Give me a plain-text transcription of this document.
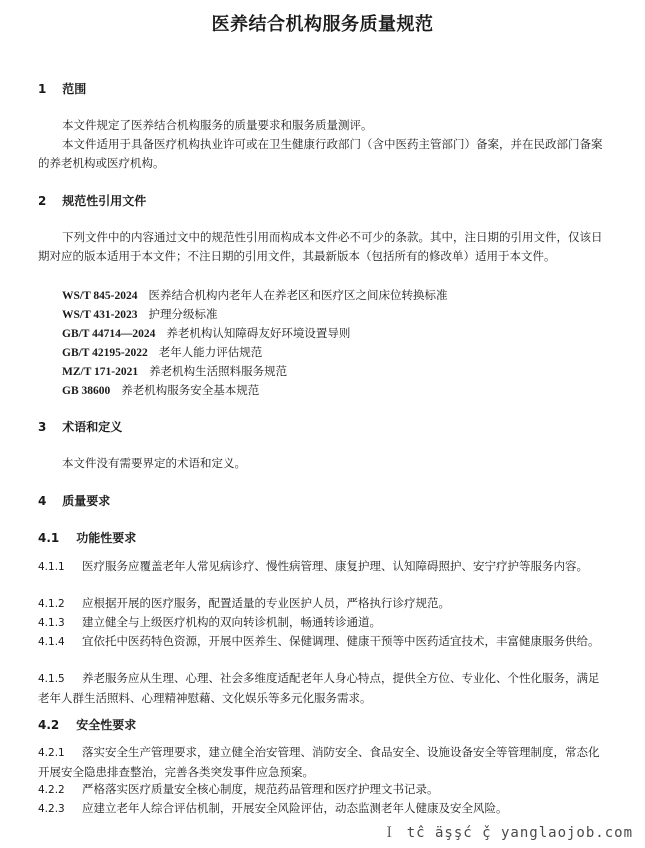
医养结合机构服务质量规范
1 范围
本文件规定了医养结合机构服务的质量要求和服务质量测评。
本文件适用于具备医疗机构执业许可或在卫生健康行政部门（含中医药主管部门）备案，并在民政部门备案的养老机构或医疗机构。
2 规范性引用文件
下列文件中的内容通过文中的规范性引用而构成本文件必不可少的条款。其中，注日期的引用文件，仅该日期对应的版本适用于本文件；不注日期的引用文件，其最新版本（包括所有的修改单）适用于本文件。
WS/T 845-2024 医养结合机构内老年人在养老区和医疗区之间床位转换标准
WS/T 431-2023 护理分级标准
GB/T 44714—2024 养老机构认知障碍友好环境设置导则
GB/T 42195-2022 老年人能力评估规范
MZ/T 171-2021 养老机构生活照料服务规范
GB 38600 养老机构服务安全基本规范
3 术语和定义
本文件没有需要界定的术语和定义。
4 质量要求
4.1 功能性要求
4.1.1 医疗服务应覆盖老年人常见病诊疗、慢性病管理、康复护理、认知障碍照护、安宁疗护等服务内容。
4.1.2 应根据开展的医疗服务，配置适量的专业医护人员，严格执行诊疗规范。
4.1.3 建立健全与上级医疗机构的双向转诊机制，畅通转诊通道。
4.1.4 宜依托中医药特色资源，开展中医养生、保健调理、健康干预等中医药适宜技术，丰富健康服务供给。
4.1.5 养老服务应从生理、心理、社会多维度适配老年人身心特点，提供全方位、专业化、个性化服务，满足老年人群生活照料、心理精神慰藉、文化娱乐等多元化服务需求。
4.2 安全性要求
4.2.1 落实安全生产管理要求，建立健全治安管理、消防安全、食品安全、设施设备安全等管理制度，常态化开展安全隐患排查整治，完善各类突发事件应急预案。
4.2.2 严格落实医疗质量安全核心制度，规范药品管理和医疗护理文书记录。
4.2.3 应建立老年人综合评估机制，开展安全风险评估，动态监测老年人健康及安全风险。
Ｉ tĉ äşşć ç̌ yanglaojob.com
